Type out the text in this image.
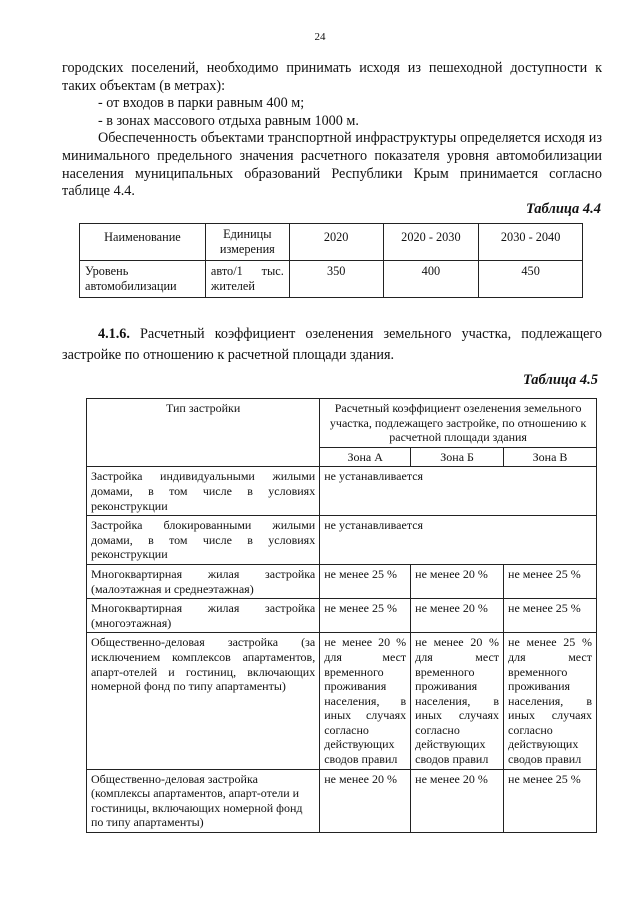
24
городских поселений, необходимо принимать исходя из пешеходной доступности к
таких объектам (в метрах):
- от входов в парки равным 400 м;
- в зонах массового отдыха равным 1000 м.
Обеспеченность объектами транспортной инфраструктуры определяется исходя из минимального предельного значения расчетного показателя уровня автомобилизации населения муниципальных образований Республики Крым принимается согласно таблице 4.4.
Таблица 4.4
Наименование	Единицы измерения	2020	2020 - 2030	2030 - 2040
Уровень автомобилизации	авто/1 тыс. жителей	350	400	450
4.1.6. Расчетный коэффициент озеленения земельного участка, подлежащего застройке по отношению к расчетной площади здания.
Таблица 4.5
Тип застройки	Расчетный коэффициент озеленения земельного участка, подлежащего застройке, по отношению к расчетной площади здания		
	Зона А	Зона Б	Зона В
Застройка индивидуальными жилыми домами, в том числе в условиях реконструкции	не устанавливается		
Застройка блокированными жилыми домами, в том числе в условиях реконструкции	не устанавливается		
Многоквартирная жилая застройка (малоэтажная и среднеэтажная)	не менее 25 %	не менее 20 %	не менее 25 %
Многоквартирная жилая застройка (многоэтажная)	не менее 25 %	не менее 20 %	не менее 25 %
Общественно-деловая застройка (за исключением комплексов апартаментов, апарт-отелей и гостиниц, включающих номерной фонд по типу апартаменты)	не менее 20 % для мест временного проживания населения, в иных случаях согласно действующих сводов правил	не менее 20 % для мест временного проживания населения, в иных случаях согласно действующих сводов правил	не менее 25 % для мест временного проживания населения, в иных случаях согласно действующих сводов правил
Общественно-деловая застройка (комплексы апартаментов, апарт-отели и гостиницы, включающих номерной фонд по типу апартаменты)	не менее 20 %	не менее 20 %	не менее 25 %
